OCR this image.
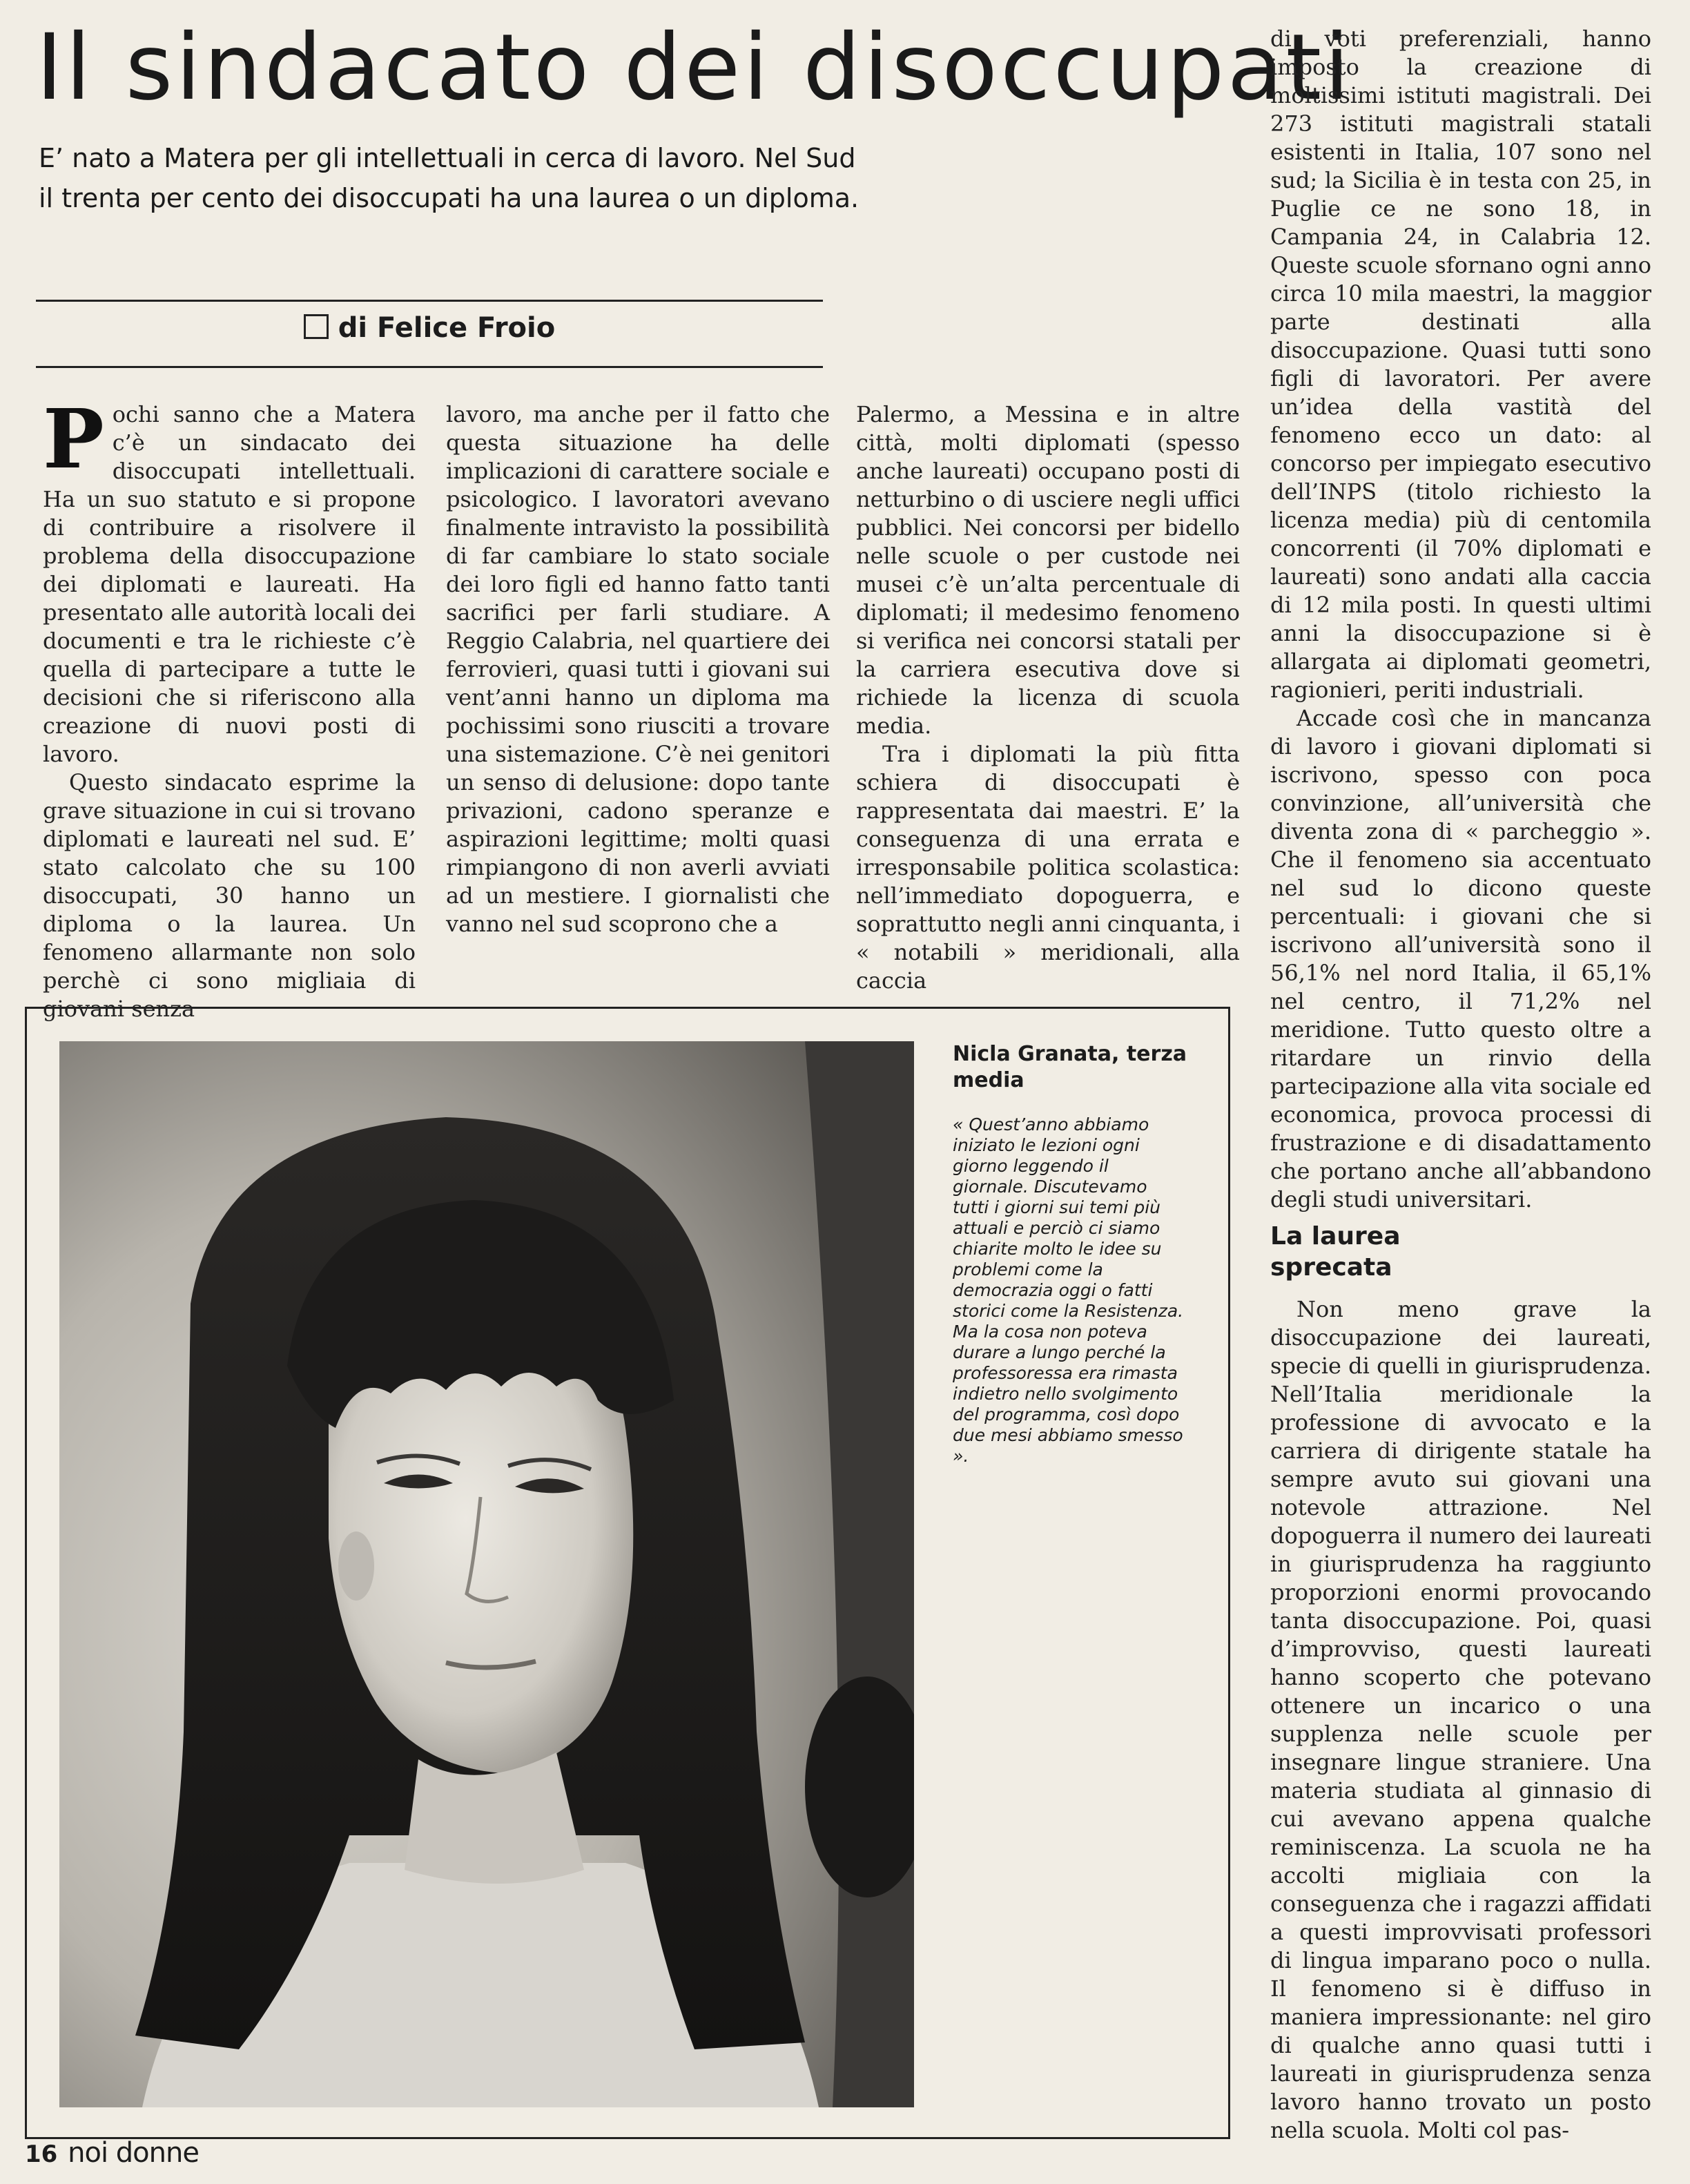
Il sindacato dei disoccupati
E’ nato a Matera per gli intellettuali in cerca di lavoro. Nel Sud il trenta per cento dei disoccupati ha una laurea o un diploma.
di Felice Froio

Pochi sanno che a Matera c’è un sindacato dei disoccupati intellettuali. Ha un suo statuto e si propone di contribuire a risolvere il problema della disoccupazione dei diplomati e laureati. Ha presentato alle autorità locali dei documenti e tra le richieste c’è quella di partecipare a tutte le decisioni che si riferiscono alla creazione di nuovi posti di lavoro.

Questo sindacato esprime la grave situazione in cui si trovano diplomati e laureati nel sud. E’ stato calcolato che su 100 disoccupati, 30 hanno un diploma o la laurea. Un fenomeno allarmante non solo perchè ci sono migliaia di giovani senza

lavoro, ma anche per il fatto che questa situazione ha delle implicazioni di carattere sociale e psicologico. I lavoratori avevano finalmente intravisto la possibilità di far cambiare lo stato sociale dei loro figli ed hanno fatto tanti sacrifici per farli studiare. A Reggio Calabria, nel quartiere dei ferrovieri, quasi tutti i giovani sui vent’anni hanno un diploma ma pochissimi sono riusciti a trovare una sistemazione. C’è nei genitori un senso di delusione: dopo tante privazioni, cadono speranze e aspirazioni legittime; molti quasi rimpiangono di non averli avviati ad un mestiere. I giornalisti che vanno nel sud scoprono che a

Palermo, a Messina e in altre città, molti diplomati (spesso anche laureati) occupano posti di netturbino o di usciere negli uffici pubblici. Nei concorsi per bidello nelle scuole o per custode nei musei c’è un’alta percentuale di diplomati; il medesimo fenomeno si verifica nei concorsi statali per la carriera esecutiva dove si richiede la licenza di scuola media.

Tra i diplomati la più fitta schiera di disoccupati è rappresentata dai maestri. E’ la conseguenza di una errata e irresponsabile politica scolastica: nell’immediato dopoguerra, e soprattutto negli anni cinquanta, i « notabili » meridionali, alla caccia

di voti preferenziali, hanno imposto la creazione di moltissimi istituti magistrali. Dei 273 istituti magistrali statali esistenti in Italia, 107 sono nel sud; la Sicilia è in testa con 25, in Puglie ce ne sono 18, in Campania 24, in Calabria 12. Queste scuole sfornano ogni anno circa 10 mila maestri, la maggior parte destinati alla disoccupazione. Quasi tutti sono figli di lavoratori. Per avere un’idea della vastità del fenomeno ecco un dato: al concorso per impiegato esecutivo dell’INPS (titolo richiesto la licenza media) più di centomila concorrenti (il 70% diplomati e laureati) sono andati alla caccia di 12 mila posti. In questi ultimi anni la disoccupazione si è allargata ai diplomati geometri, ragionieri, periti industriali.

Accade così che in mancanza di lavoro i giovani diplomati si iscrivono, spesso con poca convinzione, all’università che diventa zona di « parcheggio ». Che il fenomeno sia accentuato nel sud lo dicono queste percentuali: i giovani che si iscrivono all’università sono il 56,1% nel nord Italia, il 65,1% nel centro, il 71,2% nel meridione. Tutto questo oltre a ritardare un rinvio della partecipazione alla vita sociale ed economica, provoca processi di frustrazione e di disadattamento che portano anche all’abbandono degli studi universitari.

La laurea sprecata

Non meno grave la disoccupazione dei laureati, specie di quelli in giurisprudenza. Nell’Italia meridionale la professione di avvocato e la carriera di dirigente statale ha sempre avuto sui giovani una notevole attrazione. Nel dopoguerra il numero dei laureati in giurisprudenza ha raggiunto proporzioni enormi provocando tanta disoccupazione. Poi, quasi d’improvviso, questi laureati hanno scoperto che potevano ottenere un incarico o una supplenza nelle scuole per insegnare lingue straniere. Una materia studiata al ginnasio di cui avevano appena qualche reminiscenza. La scuola ne ha accolti migliaia con la conseguenza che i ragazzi affidati a questi improvvisati professori di lingua imparano poco o nulla. Il fenomeno si è diffuso in maniera impressionante: nel giro di qualche anno quasi tutti i laureati in giurisprudenza senza lavoro hanno trovato un posto nella scuola. Molti col pas-

Nicla Granata, terza media
« Quest’anno abbiamo iniziato le lezioni ogni giorno leggendo il giornale. Discutevamo tutti i giorni sui temi più attuali e perciò ci siamo chiarite molto le idee su problemi come la democrazia oggi o fatti storici come la Resistenza. Ma la cosa non poteva durare a lungo perché la professoressa era rimasta indietro nello svolgimento del programma, così dopo due mesi abbiamo smesso ».
16 noi donne
